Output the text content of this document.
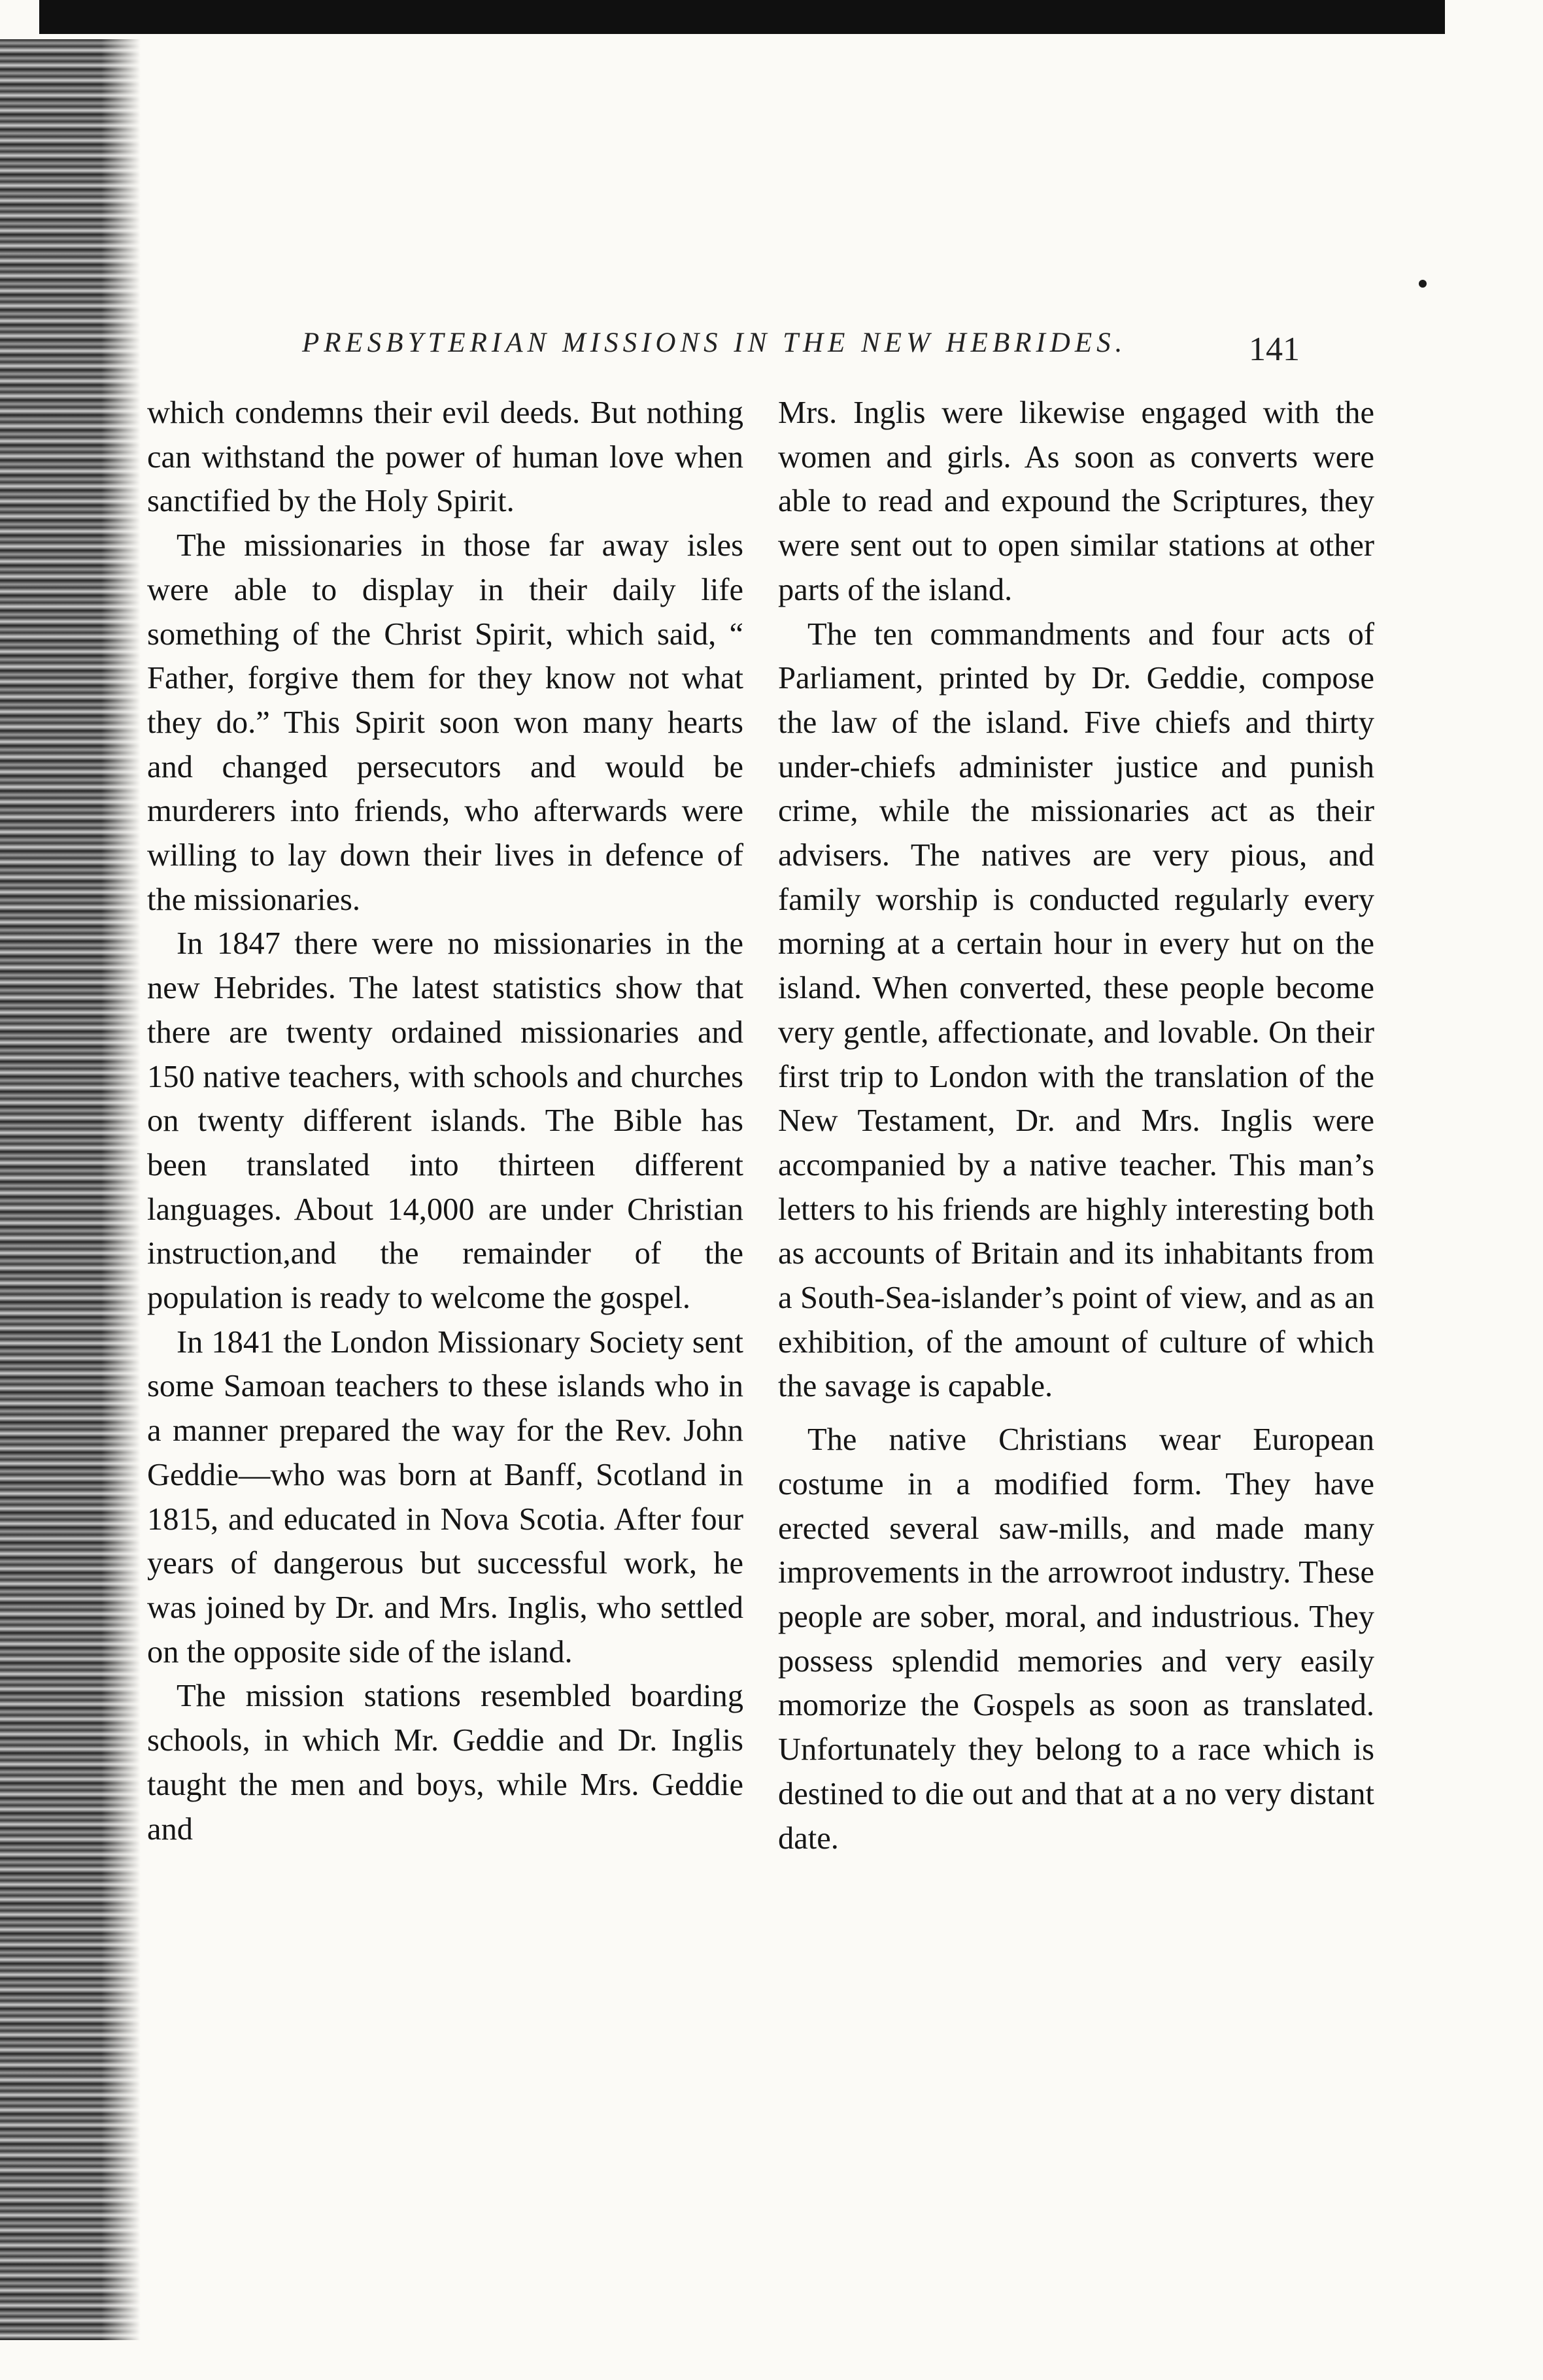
PRESBYTERIAN MISSIONS IN THE NEW HEBRIDES.	141

which condemns their evil deeds. But nothing can withstand the power of human love when sanctified by the Holy Spirit.

The missionaries in those far away isles were able to display in their daily life something of the Christ Spirit, which said, “ Father, forgive them for they know not what they do.” This Spirit soon won many hearts and changed persecutors and would be murderers into friends, who afterwards were willing to lay down their lives in defence of the missionaries.

In 1847 there were no missionaries in the new Hebrides. The latest statistics show that there are twenty ordained missionaries and 150 native teachers, with schools and churches on twenty different islands. The Bible has been translated into thirteen different languages. About 14,000 are under Christian instruction,and the remainder of the population is ready to welcome the gospel.

In 1841 the London Missionary Society sent some Samoan teachers to these islands who in a manner prepared the way for the Rev. John Geddie—who was born at Banff, Scotland in 1815, and educated in Nova Scotia. After four years of dangerous but successful work, he was joined by Dr. and Mrs. Inglis, who settled on the opposite side of the island.

The mission stations resembled boarding schools, in which Mr. Geddie and Dr. Inglis taught the men and boys, while Mrs. Geddie and

Mrs. Inglis were likewise engaged with the women and girls. As soon as converts were able to read and expound the Scriptures, they were sent out to open similar stations at other parts of the island.

The ten commandments and four acts of Parliament, printed by Dr. Geddie, compose the law of the island. Five chiefs and thirty under-chiefs administer justice and punish crime, while the missionaries act as their advisers. The natives are very pious, and family worship is conducted regularly every morning at a certain hour in every hut on the island. When converted, these people become very gentle, affectionate, and lovable. On their first trip to London with the translation of the New Testament, Dr. and Mrs. Inglis were accompanied by a native teacher. This man’s letters to his friends are highly interesting both as accounts of Britain and its inhabitants from a South-Sea-islander’s point of view, and as an exhibition, of the amount of culture of which the savage is capable.

The native Christians wear European costume in a modified form. They have erected several saw-mills, and made many improvements in the arrowroot industry. These people are sober, moral, and industrious. They possess splendid memories and very easily momorize the Gospels as soon as translated. Unfortunately they belong to a race which is destined to die out and that at a no very distant date.
